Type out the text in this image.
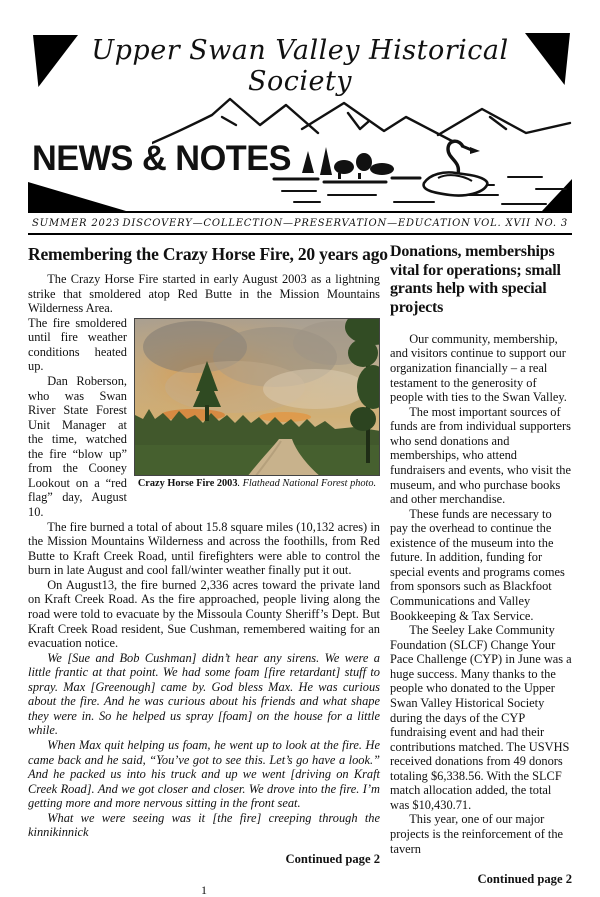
Upper Swan Valley Historical Society
NEWS & NOTES
SUMMER 2023 DISCOVERY—COLLECTION—PRESERVATION—EDUCATION VOL. XVII NO. 3
Remembering the Crazy Horse Fire, 20 years ago

The Crazy Horse Fire started in early August 2003 as a lightning strike that smoldered atop Red Butte in the Mission Mountains Wilderness Area.

Crazy Horse Fire 2003. Flathead National Forest photo.

The fire smoldered until fire weather conditions heated up.

Dan Roberson, who was Swan River State Forest Unit Manager at the time, watched the fire “blow up” from the Cooney Lookout on a “red flag” day, August 10.

The fire burned a total of about 15.8 square miles (10,132 acres) in the Mission Mountains Wilderness and across the foothills, from Red Butte to Kraft Creek Road, until firefighters were able to control the burn in late August and cool fall/winter weather finally put it out.

On August13, the fire burned 2,336 acres toward the private land on Kraft Creek Road. As the fire approached, people living along the road were told to evacuate by the Missoula County Sheriff’s Dept. But Kraft Creek Road resident, Sue Cushman, remembered waiting for an evacuation notice.

We [Sue and Bob Cushman] didn’t hear any sirens. We were a little frantic at that point. We had some foam [fire retardant] stuff to spray. Max [Greenough] came by. God bless Max. He was curious about the fire. And he was curious about his friends and what shape they were in. So he helped us spray [foam] on the house for a little while.

When Max quit helping us foam, he went up to look at the fire. He came back and he said, “You’ve got to see this. Let’s go have a look.” And he packed us into his truck and up we went [driving on Kraft Creek Road]. And we got closer and closer. We drove into the fire. I’m getting more and more nervous sitting in the front seat.

What we were seeing was it [the fire] creeping through the kinnikinnick

Continued page 2

1

Donations, memberships vital for operations; small grants help with special projects

Our community, membership, and visitors continue to support our organization financially – a real testament to the generosity of people with ties to the Swan Valley.

The most important sources of funds are from individual supporters who send donations and memberships, who attend fundraisers and events, who visit the museum, and who purchase books and other merchandise.

These funds are necessary to pay the overhead to continue the existence of the museum into the future. In addition, funding for special events and programs comes from sponsors such as Blackfoot Communications and Valley Bookkeeping & Tax Service.

The Seeley Lake Community Foundation (SLCF) Change Your Pace Challenge (CYP) in June was a huge success. Many thanks to the people who donated to the Upper Swan Valley Historical Society during the days of the CYP fundraising event and had their contributions matched. The USVHS received donations from 49 donors totaling $6,338.56. With the SLCF match allocation added, the total was $10,430.71.

This year, one of our major projects is the reinforcement of the tavern

Continued page 2
